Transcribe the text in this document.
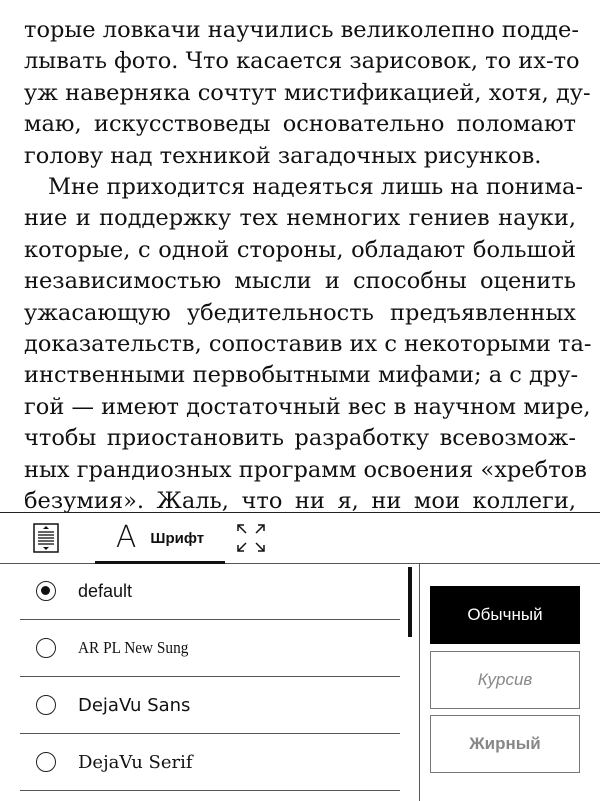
торые ловкачи научились великолепно подде-
лывать фото. Что касается зарисовок, то их-то
уж наверняка сочтут мистификацией, хотя, ду-
маю, искусствоведы основательно поломают
голову над техникой загадочных рисунков.
Мне приходится надеяться лишь на понима-
ние и поддержку тех немногих гениев науки,
которые, с одной стороны, обладают большой
независимостью мысли и способны оценить
ужасающую убедительность предъявленных
доказательств, сопоставив их с некоторыми та-
инственными первобытными мифами; а с дру-
гой — имеют достаточный вес в научном мире,
чтобы приостановить разработку всевозмож-
ных грандиозных программ освоения «хребтов
безумия». Жаль, что ни я, ни мои коллеги,
A Шрифт
default
AR PL New Sung
DejaVu Sans
DejaVu Serif
Обычный
Курсив
Жирный
